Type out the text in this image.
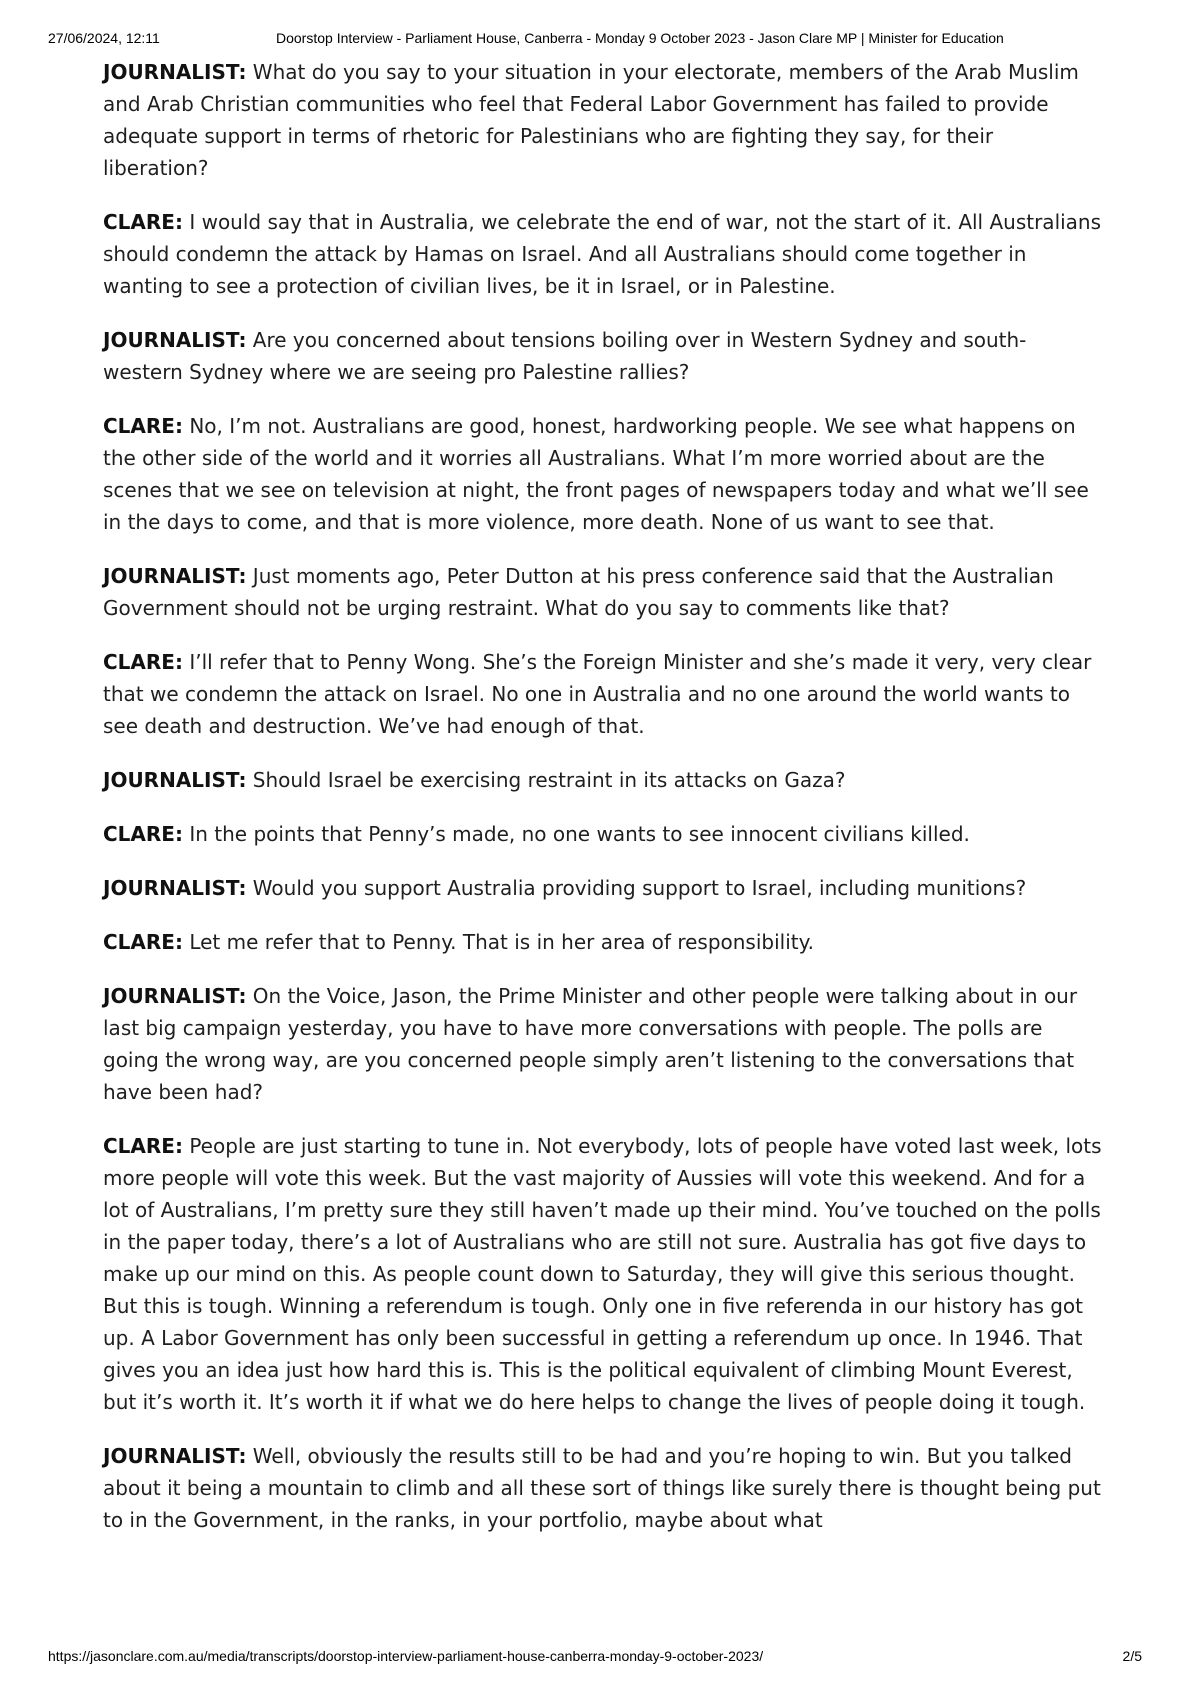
27/06/2024, 12:11	Doorstop Interview - Parliament House, Canberra - Monday 9 October 2023 - Jason Clare MP | Minister for Education

JOURNALIST: What do you say to your situation in your electorate, members of the Arab Muslim and Arab Christian communities who feel that Federal Labor Government has failed to provide adequate support in terms of rhetoric for Palestinians who are fighting they say, for their liberation?

CLARE: I would say that in Australia, we celebrate the end of war, not the start of it. All Australians should condemn the attack by Hamas on Israel. And all Australians should come together in wanting to see a protection of civilian lives, be it in Israel, or in Palestine.

JOURNALIST: Are you concerned about tensions boiling over in Western Sydney and south-western Sydney where we are seeing pro Palestine rallies?

CLARE: No, I’m not. Australians are good, honest, hardworking people. We see what happens on the other side of the world and it worries all Australians. What I’m more worried about are the scenes that we see on television at night, the front pages of newspapers today and what we’ll see in the days to come, and that is more violence, more death. None of us want to see that.

JOURNALIST: Just moments ago, Peter Dutton at his press conference said that the Australian Government should not be urging restraint. What do you say to comments like that?

CLARE: I’ll refer that to Penny Wong. She’s the Foreign Minister and she’s made it very, very clear that we condemn the attack on Israel. No one in Australia and no one around the world wants to see death and destruction. We’ve had enough of that.

JOURNALIST: Should Israel be exercising restraint in its attacks on Gaza?

CLARE: In the points that Penny’s made, no one wants to see innocent civilians killed.

JOURNALIST: Would you support Australia providing support to Israel, including munitions?

CLARE: Let me refer that to Penny. That is in her area of responsibility.

JOURNALIST: On the Voice, Jason, the Prime Minister and other people were talking about in our last big campaign yesterday, you have to have more conversations with people. The polls are going the wrong way, are you concerned people simply aren’t listening to the conversations that have been had?

CLARE: People are just starting to tune in. Not everybody, lots of people have voted last week, lots more people will vote this week. But the vast majority of Aussies will vote this weekend. And for a lot of Australians, I’m pretty sure they still haven’t made up their mind. You’ve touched on the polls in the paper today, there’s a lot of Australians who are still not sure. Australia has got five days to make up our mind on this. As people count down to Saturday, they will give this serious thought. But this is tough. Winning a referendum is tough. Only one in five referenda in our history has got up. A Labor Government has only been successful in getting a referendum up once. In 1946. That gives you an idea just how hard this is. This is the political equivalent of climbing Mount Everest, but it’s worth it. It’s worth it if what we do here helps to change the lives of people doing it tough.

JOURNALIST: Well, obviously the results still to be had and you’re hoping to win. But you talked about it being a mountain to climb and all these sort of things like surely there is thought being put to in the Government, in the ranks, in your portfolio, maybe about what

https://jasonclare.com.au/media/transcripts/doorstop-interview-parliament-house-canberra-monday-9-october-2023/	2/5
